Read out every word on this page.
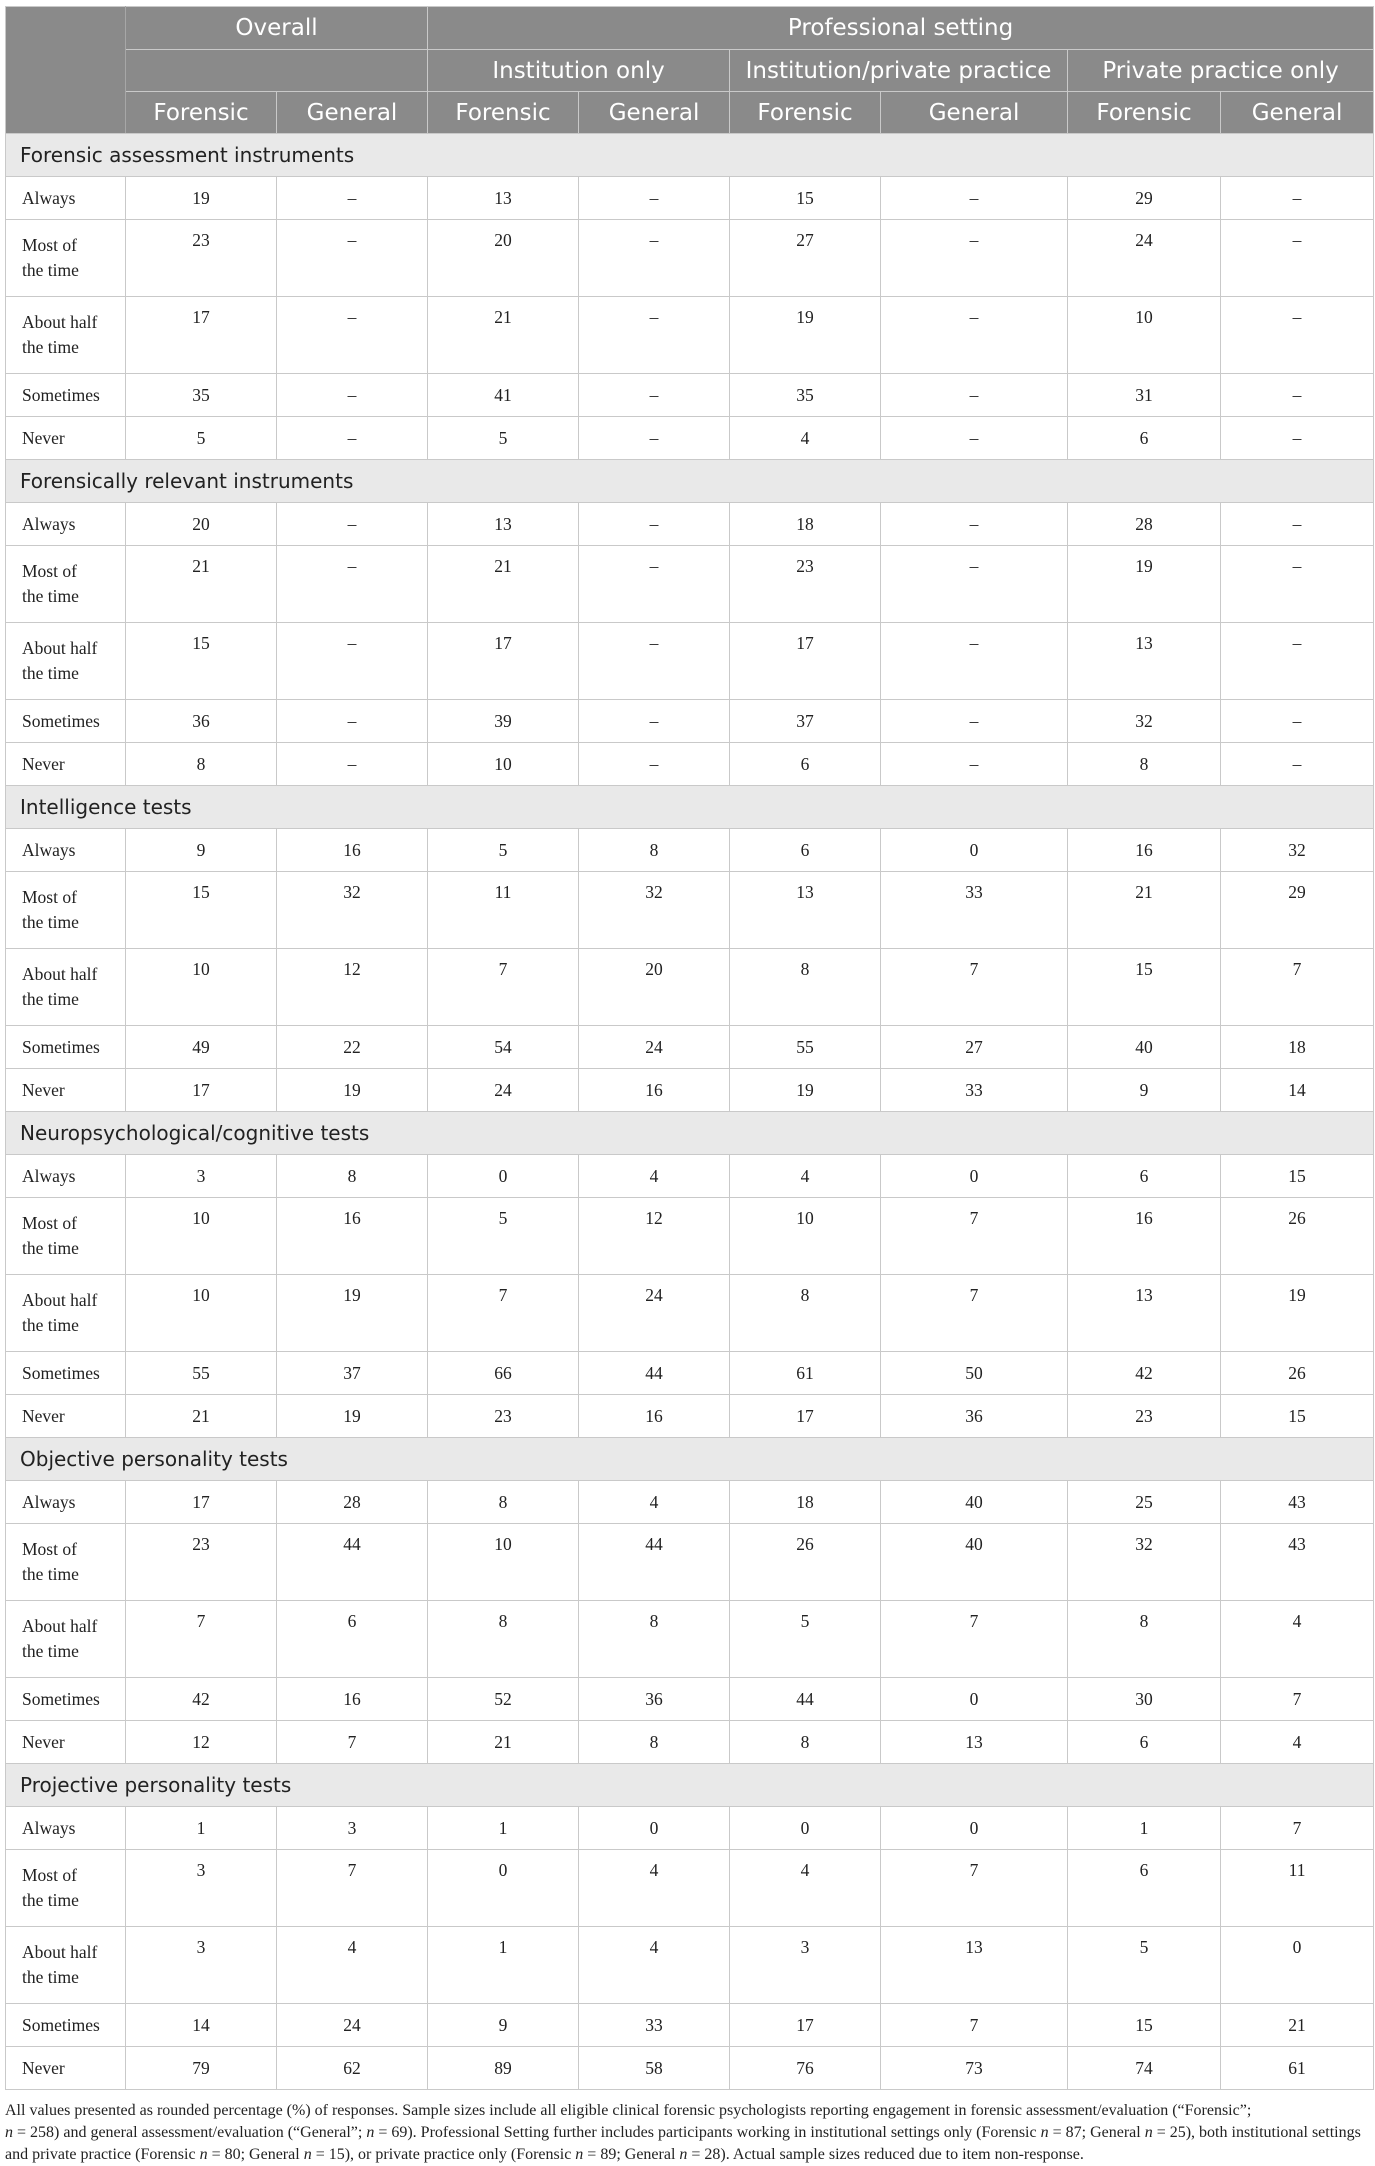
	Overall		Professional setting					
			Institution only		Institution/private practice		Private practice only	
	Forensic	General	Forensic	General	Forensic	General	Forensic	General
Forensic assessment instruments								
Always	19	–	13	–	15	–	29	–
Most of
the time	23	–	20	–	27	–	24	–
About half
the time	17	–	21	–	19	–	10	–
Sometimes	35	–	41	–	35	–	31	–
Never	5	–	5	–	4	–	6	–
Forensically relevant instruments								
Always	20	–	13	–	18	–	28	–
Most of
the time	21	–	21	–	23	–	19	–
About half
the time	15	–	17	–	17	–	13	–
Sometimes	36	–	39	–	37	–	32	–
Never	8	–	10	–	6	–	8	–
Intelligence tests								
Always	9	16	5	8	6	0	16	32
Most of
the time	15	32	11	32	13	33	21	29
About half
the time	10	12	7	20	8	7	15	7
Sometimes	49	22	54	24	55	27	40	18
Never	17	19	24	16	19	33	9	14
Neuropsychological/cognitive tests								
Always	3	8	0	4	4	0	6	15
Most of
the time	10	16	5	12	10	7	16	26
About half
the time	10	19	7	24	8	7	13	19
Sometimes	55	37	66	44	61	50	42	26
Never	21	19	23	16	17	36	23	15
Objective personality tests								
Always	17	28	8	4	18	40	25	43
Most of
the time	23	44	10	44	26	40	32	43
About half
the time	7	6	8	8	5	7	8	4
Sometimes	42	16	52	36	44	0	30	7
Never	12	7	21	8	8	13	6	4
Projective personality tests								
Always	1	3	1	0	0	0	1	7
Most of
the time	3	7	0	4	4	7	6	11
About half
the time	3	4	1	4	3	13	5	0
Sometimes	14	24	9	33	17	7	15	21
Never	79	62	89	58	76	73	74	61
All values presented as rounded percentage (%) of responses. Sample sizes include all eligible clinical forensic psychologists reporting engagement in forensic assessment/evaluation (“Forensic”;
n = 258) and general assessment/evaluation (“General”; n = 69). Professional Setting further includes participants working in institutional settings only (Forensic n = 87; General n = 25), both institutional settings and private practice (Forensic n = 80; General n = 15), or private practice only (Forensic n = 89; General n = 28). Actual sample sizes reduced due to item non-response.
